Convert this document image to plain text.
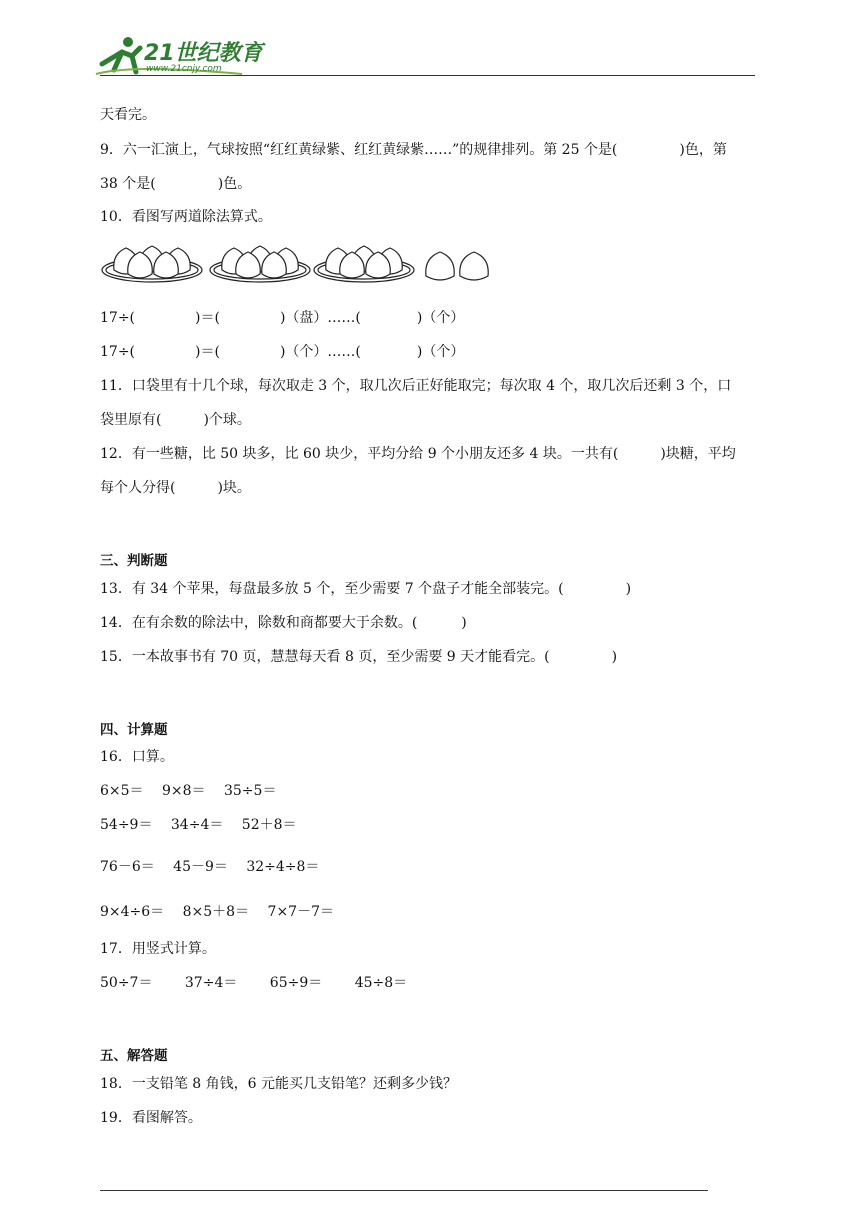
21世纪教育
www.21cnjy.com
天看完。
9．六一汇演上，气球按照“红红黄绿紫、红红黄绿紫……”的规律排列。第 25 个是(	)色，第
38 个是(	)色。
10．看图写两道除法算式。
17÷(	)＝(	)（盘）……(	)（个）
17÷(	)＝(	)（个）……(	)（个）
11．口袋里有十几个球，每次取走 3 个，取几次后正好能取完；每次取 4 个，取几次后还剩 3 个，口
袋里原有(	)个球。
12．有一些糖，比 50 块多，比 60 块少，平均分给 9 个小朋友还多 4 块。一共有(	)块糖，平均
每个人分得(	)块。
三、判断题
13．有 34 个苹果，每盘最多放 5 个，至少需要 7 个盘子才能全部装完。(	)
14．在有余数的除法中，除数和商都要大于余数。(	)
15．一本故事书有 70 页，慧慧每天看 8 页，至少需要 9 天才能看完。(	)
四、计算题
16．口算。
6×5＝　 9×8＝　 35÷5＝
54÷9＝　 34÷4＝　 52＋8＝
76－6＝　 45－9＝　 32÷4÷8＝
9×4÷6＝　 8×5＋8＝　 7×7－7＝
17．用竖式计算。
50÷7＝　　 37÷4＝　　 65÷9＝　　 45÷8＝
五、解答题
18．一支铅笔 8 角钱，6 元能买几支铅笔？还剩多少钱？
19．看图解答。
